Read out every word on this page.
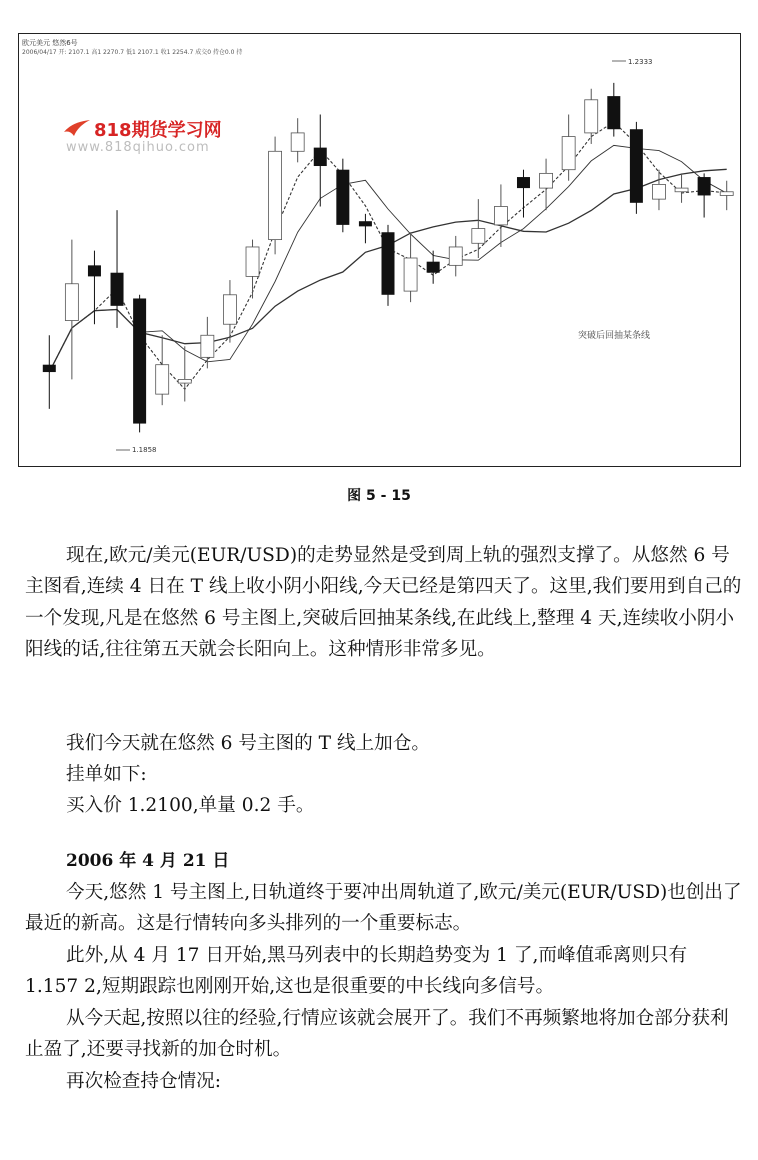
欧元美元 悠然6号
2006/04/17 开: 2107.1 高1 2270.7 低1 2107.1 收1 2254.7 成交0 持仓0.0 持
1.2333
1.1858
突破后回抽某条线
818期货学习网
www.818qihuo.com
图 5 - 15

现在,欧元/美元(EUR/USD)的走势显然是受到周上轨的强烈支撑了。从悠然 6 号主图看,连续 4 日在 T 线上收小阴小阳线,今天已经是第四天了。这里,我们要用到自己的一个发现,凡是在悠然 6 号主图上,突破后回抽某条线,在此线上,整理 4 天,连续收小阴小阳线的话,往往第五天就会长阳向上。这种情形非常多见。

我们今天就在悠然 6 号主图的 T 线上加仓。

挂单如下:

买入价 1.2100,单量 0.2 手。

2006 年 4 月 21 日

今天,悠然 1 号主图上,日轨道终于要冲出周轨道了,欧元/美元(EUR/USD)也创出了最近的新高。这是行情转向多头排列的一个重要标志。

此外,从 4 月 17 日开始,黑马列表中的长期趋势变为 1 了,而峰值乖离则只有 1.157 2,短期跟踪也刚刚开始,这也是很重要的中长线向多信号。

从今天起,按照以往的经验,行情应该就会展开了。我们不再频繁地将加仓部分获利止盈了,还要寻找新的加仓时机。

再次检查持仓情况:
